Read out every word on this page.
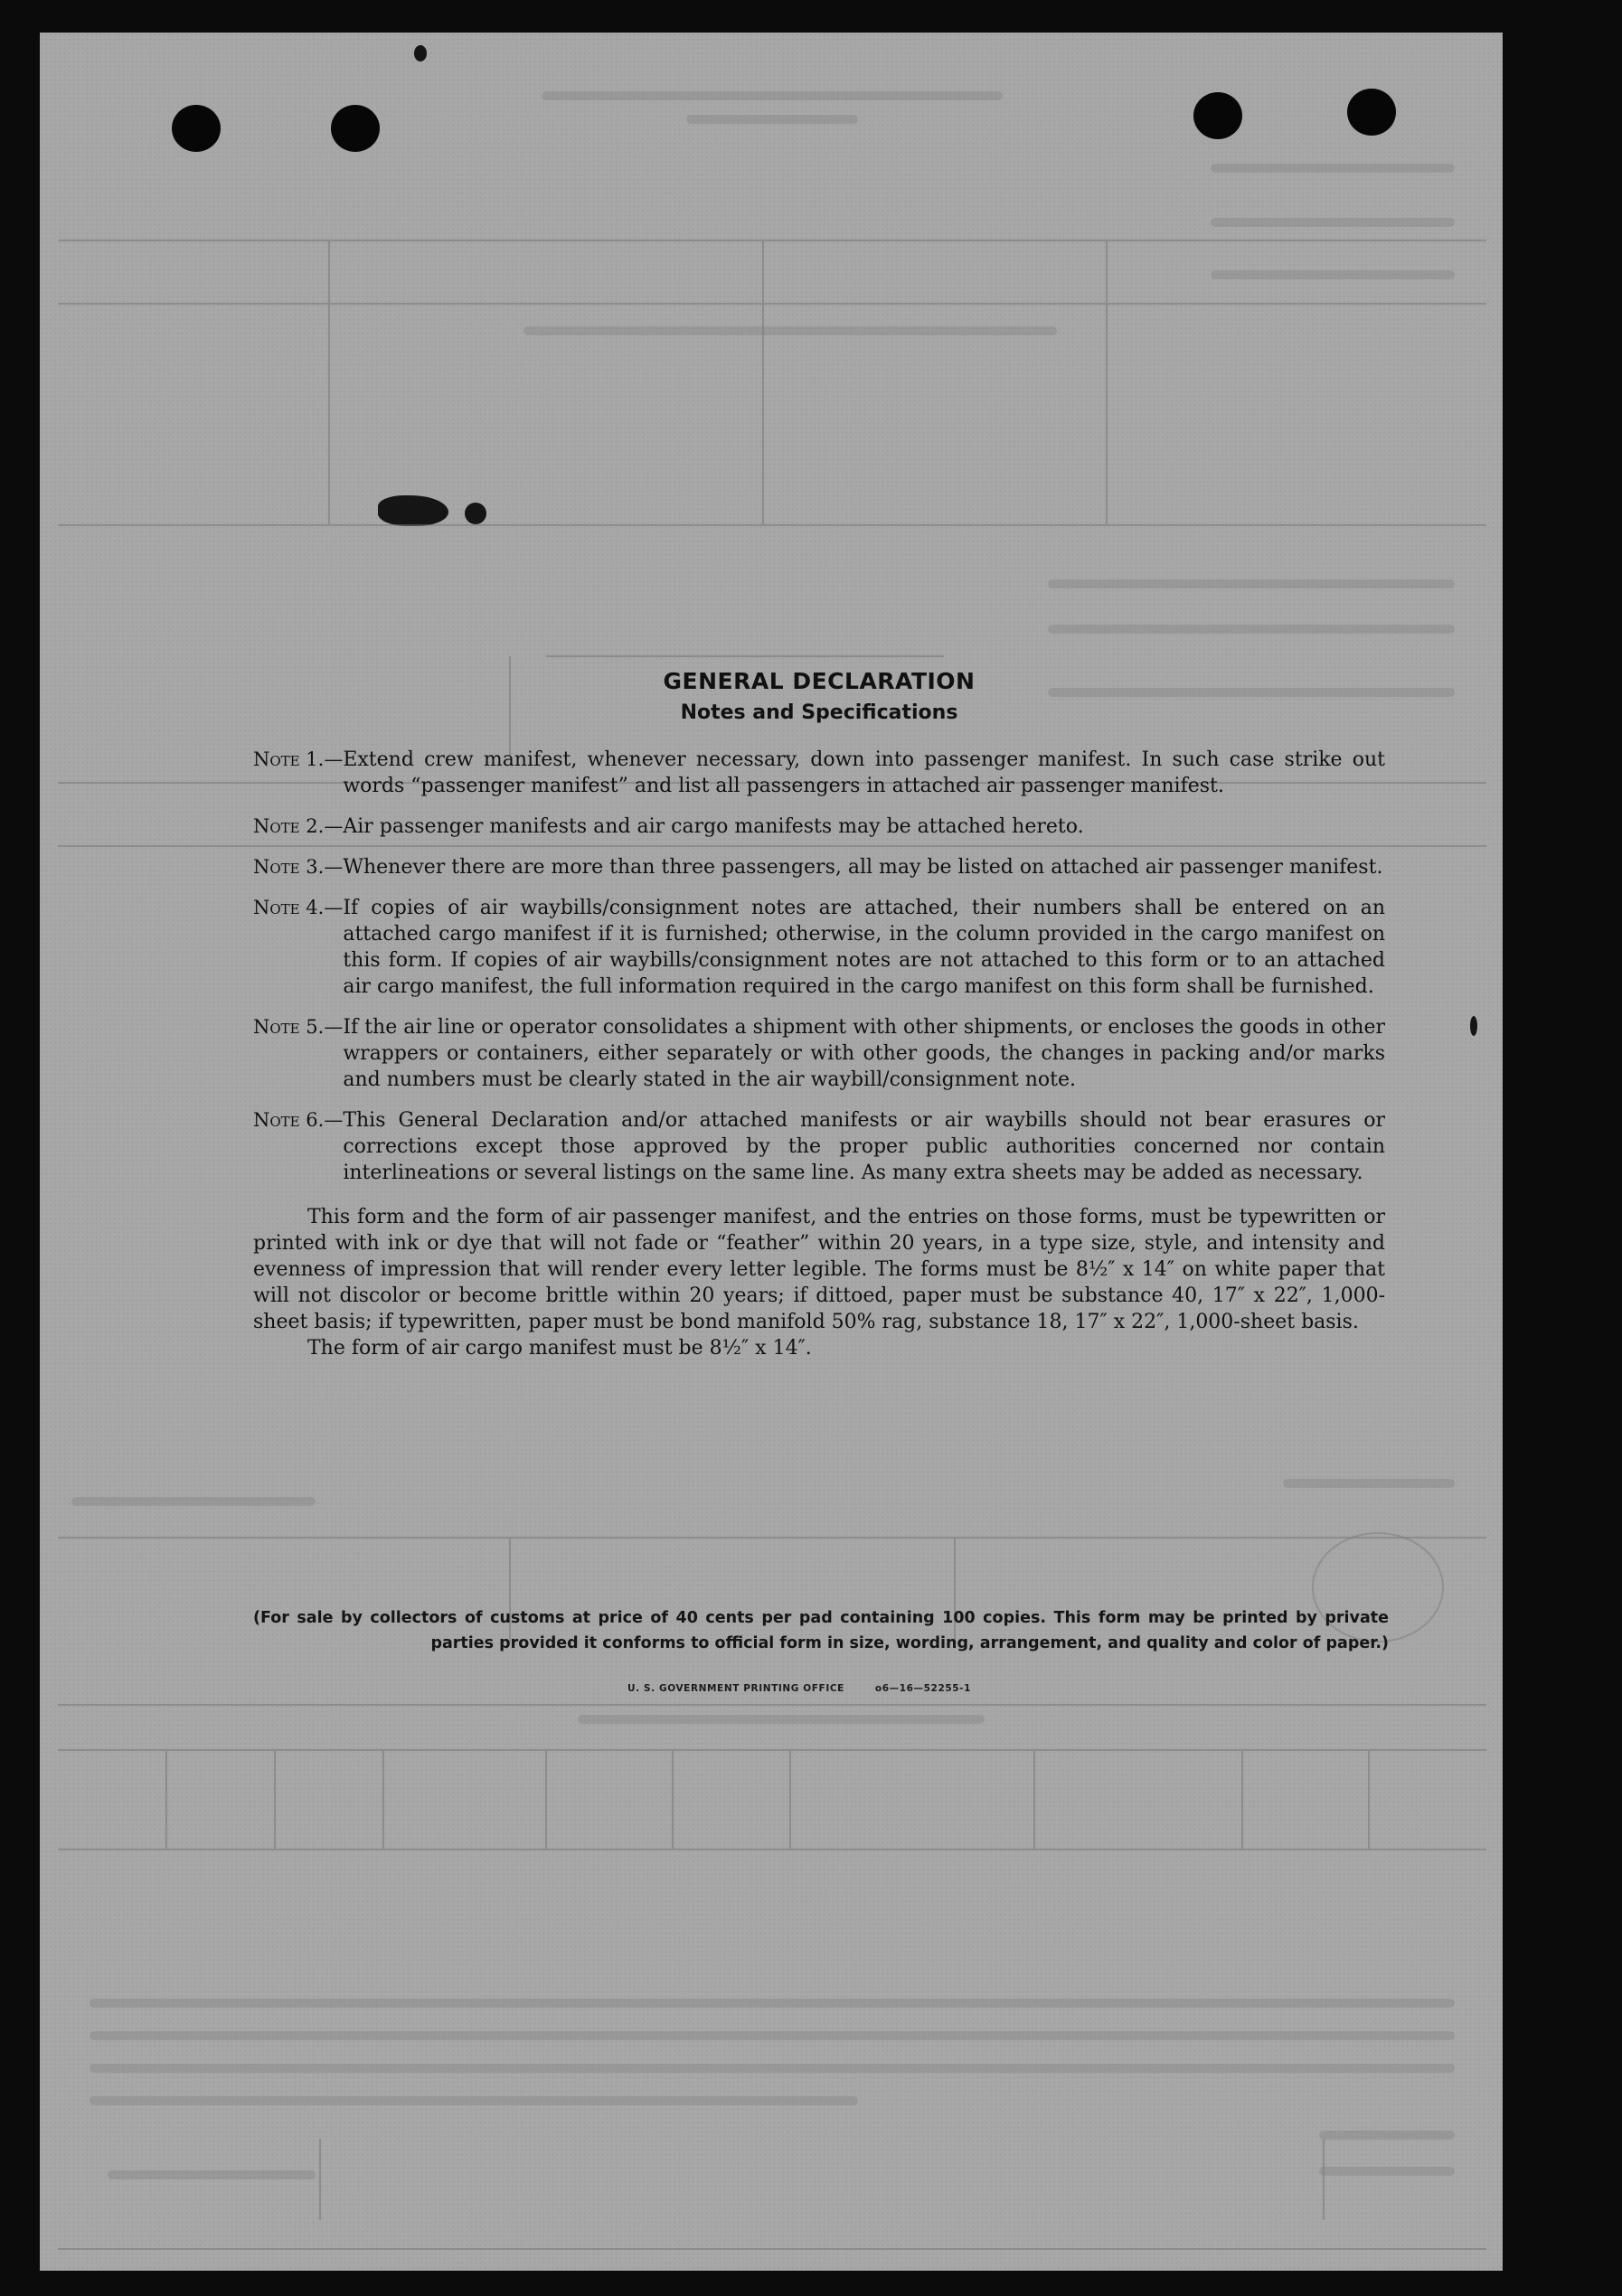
GENERAL DECLARATION
Notes and Specifications
Note 1.— Extend crew manifest, whenever necessary, down into passenger manifest. In such case strike out words “passenger manifest” and list all passengers in attached air passenger manifest.
Note 2.— Air passenger manifests and air cargo manifests may be attached hereto.
Note 3.— Whenever there are more than three passengers, all may be listed on attached air passenger manifest.
Note 4.— If copies of air waybills/consignment notes are attached, their numbers shall be entered on an attached cargo manifest if it is furnished; otherwise, in the column provided in the cargo manifest on this form. If copies of air waybills/consignment notes are not attached to this form or to an attached air cargo manifest, the full information required in the cargo manifest on this form shall be furnished.
Note 5.— If the air line or operator consolidates a shipment with other shipments, or encloses the goods in other wrappers or containers, either separately or with other goods, the changes in packing and/or marks and numbers must be clearly stated in the air waybill/consignment note.
Note 6.— This General Declaration and/or attached manifests or air waybills should not bear erasures or corrections except those approved by the proper public authorities concerned nor contain interlineations or several listings on the same line. As many extra sheets may be added as necessary.

This form and the form of air passenger manifest, and the entries on those forms, must be typewritten or printed with ink or dye that will not fade or “feather” within 20 years, in a type size, style, and intensity and evenness of impression that will render every letter legible. The forms must be 8½″ x 14″ on white paper that will not discolor or become brittle within 20 years; if dittoed, paper must be substance 40, 17″ x 22″, 1,000-sheet basis; if typewritten, paper must be bond manifold 50% rag, substance 18, 17″ x 22″, 1,000-sheet basis.

The form of air cargo manifest must be 8½″ x 14″.

(For sale by collectors of customs at price of 40 cents per pad containing 100 copies. This form may be printed by private parties provided it conforms to official form in size, wording, arrangement, and quality and color of paper.)
U. S. GOVERNMENT PRINTING OFFICE	o6—16—52255-1
